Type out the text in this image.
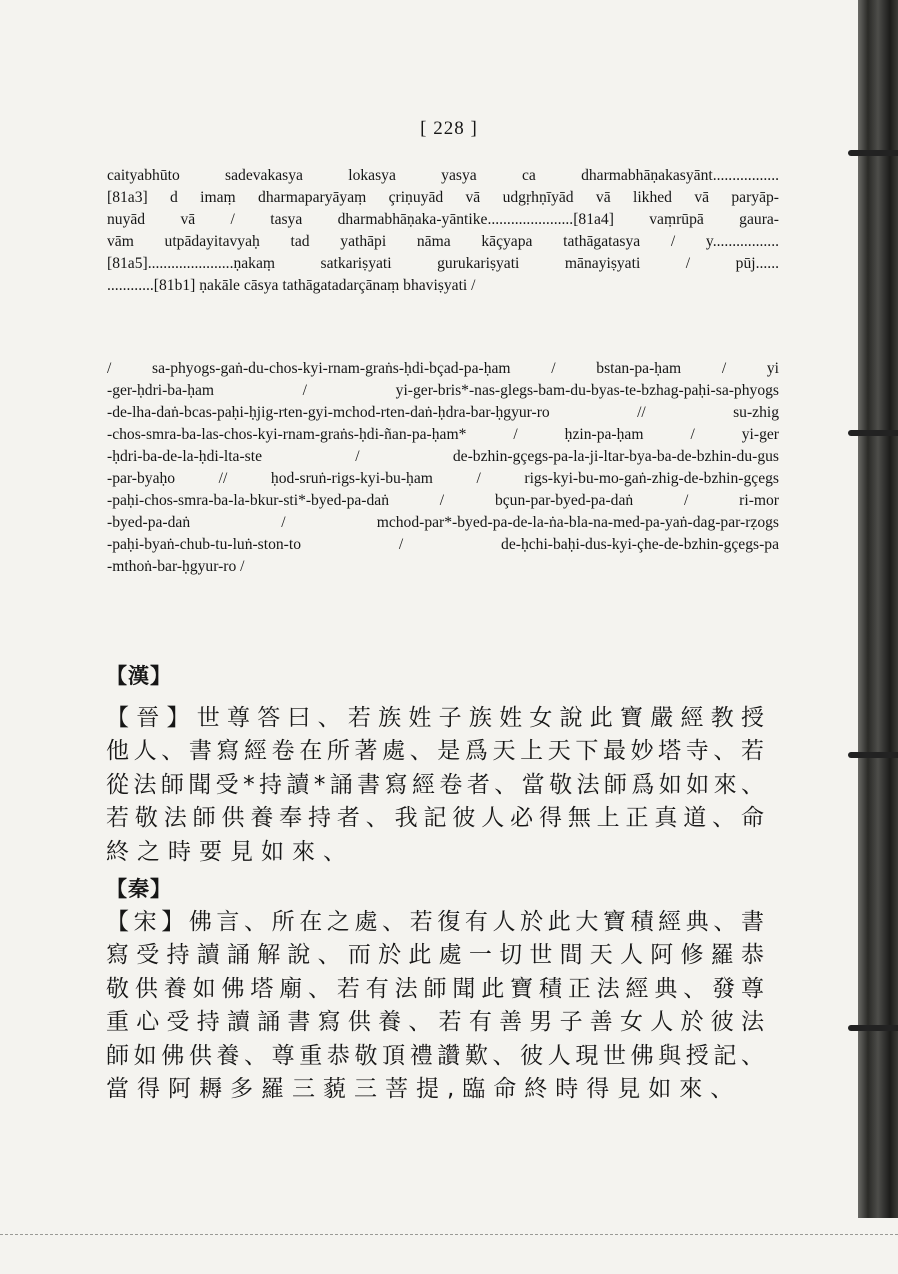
[ 228 ]
caityabhūto sadevakasya lokasya yasya ca dharmabhāṇakasyānt.................
[81a3] d imaṃ dharmaparyāyaṃ çriṇuyād vā udgṛhṇīyād vā likhed vā paryāp-
nuyād vā / tasya dharmabhāṇaka-yāntike......................[81a4] vaṃrūpā gaura-
vām utpādayitavyaḥ tad yathāpi nāma kāçyapa tathāgatasya / y.................
[81a5]......................ṇakaṃ satkariṣyati gurukariṣyati mānayiṣyati / pūj......
............[81b1] ṇakāle cāsya tathāgatadarçānaṃ bhaviṣyati /
/ sa-phyogs-gaṅ-du-chos-kyi-rnam-graṅs-ḥdi-bçad-pa-ḥam / bstan-pa-ḥam / yi
-ger-ḥdri-ba-ḥam / yi-ger-bris*-nas-glegs-bam-du-byas-te-bzhag-paḥi-sa-phyogs
-de-lha-daṅ-bcas-paḥi-ḥjig-rten-gyi-mchod-rten-daṅ-ḥdra-bar-ḥgyur-ro // su-zhig
-chos-smra-ba-las-chos-kyi-rnam-graṅs-ḥdi-ñan-pa-ḥam* / ḥzin-pa-ḥam / yi-ger
-ḥdri-ba-de-la-ḥdi-lta-ste / de-bzhin-gçegs-pa-la-ji-ltar-bya-ba-de-bzhin-du-gus
-par-byaḥo // ḥod-sruṅ-rigs-kyi-bu-ḥam / rigs-kyi-bu-mo-gaṅ-zhig-de-bzhin-gçegs
-paḥi-chos-smra-ba-la-bkur-sti*-byed-pa-daṅ / bçun-par-byed-pa-daṅ / ri-mor
-byed-pa-daṅ / mchod-par*-byed-pa-de-la-ṅa-bla-na-med-pa-yaṅ-dag-par-rẓogs
-paḥi-byaṅ-chub-tu-luṅ-ston-to / de-ḥchi-baḥi-dus-kyi-çhe-de-bzhin-gçegs-pa
-mthoṅ-bar-ḥgyur-ro /
【漢】
【晉】世尊答曰、若族姓子族姓女說此寶嚴經教授
他人、書寫經卷在所著處、是爲天上天下最妙塔寺、若
從法師聞受*持讀*誦書寫經卷者、當敬法師爲如如來、
若敬法師供養奉持者、我記彼人必得無上正真道、命
終之時要見如來、
【秦】
【宋】佛言、所在之處、若復有人於此大寶積經典、書
寫受持讀誦解說、而於此處一切世間天人阿修羅恭
敬供養如佛塔廟、若有法師聞此寶積正法經典、發尊
重心受持讀誦書寫供養、若有善男子善女人於彼法
師如佛供養、尊重恭敬頂禮讚歎、彼人現世佛與授記、
當得阿耨多羅三藐三菩提,臨命終時得見如來、
